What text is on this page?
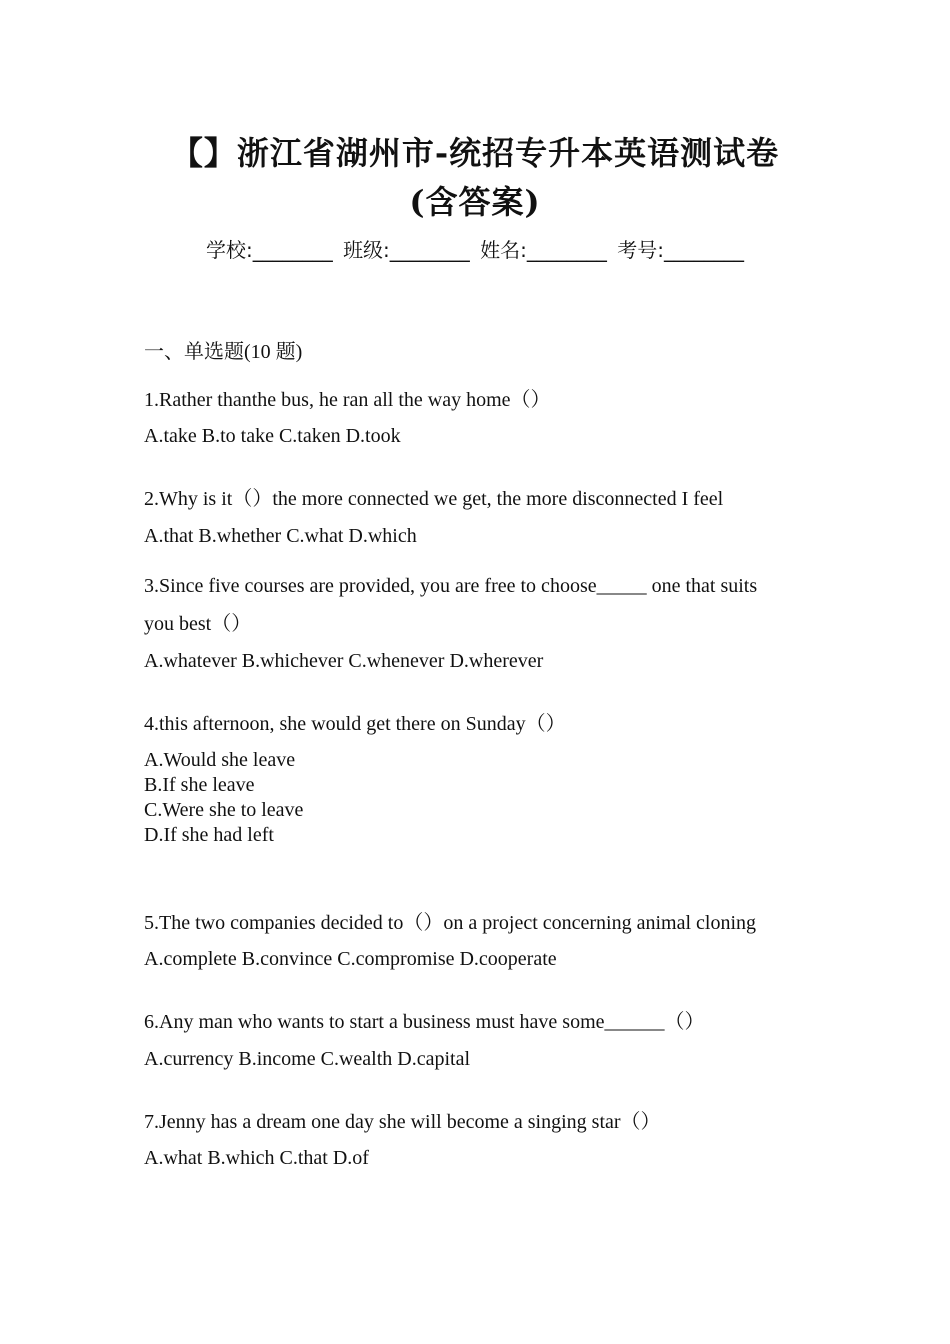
【】浙江省湖州市-统招专升本英语测试卷
(含答案)
学校:________ 班级:________ 姓名:________ 考号:________
一、单选题(10 题)
1.Rather thanthe bus, he ran all the way home（）
A.take B.to take C.taken D.took
2.Why is it（）the more connected we get, the more disconnected I feel
A.that B.whether C.what D.which
3.Since five courses are provided, you are free to choose_____ one that suits
you best（）
A.whatever B.whichever C.whenever D.wherever
4.this afternoon, she would get there on Sunday（）
A.Would she leave
B.If she leave
C.Were she to leave
D.If she had left
5.The two companies decided to（）on a project concerning animal cloning
A.complete B.convince C.compromise D.cooperate
6.Any man who wants to start a business must have some______（）
A.currency B.income C.wealth D.capital
7.Jenny has a dream one day she will become a singing star（）
A.what B.which C.that D.of
